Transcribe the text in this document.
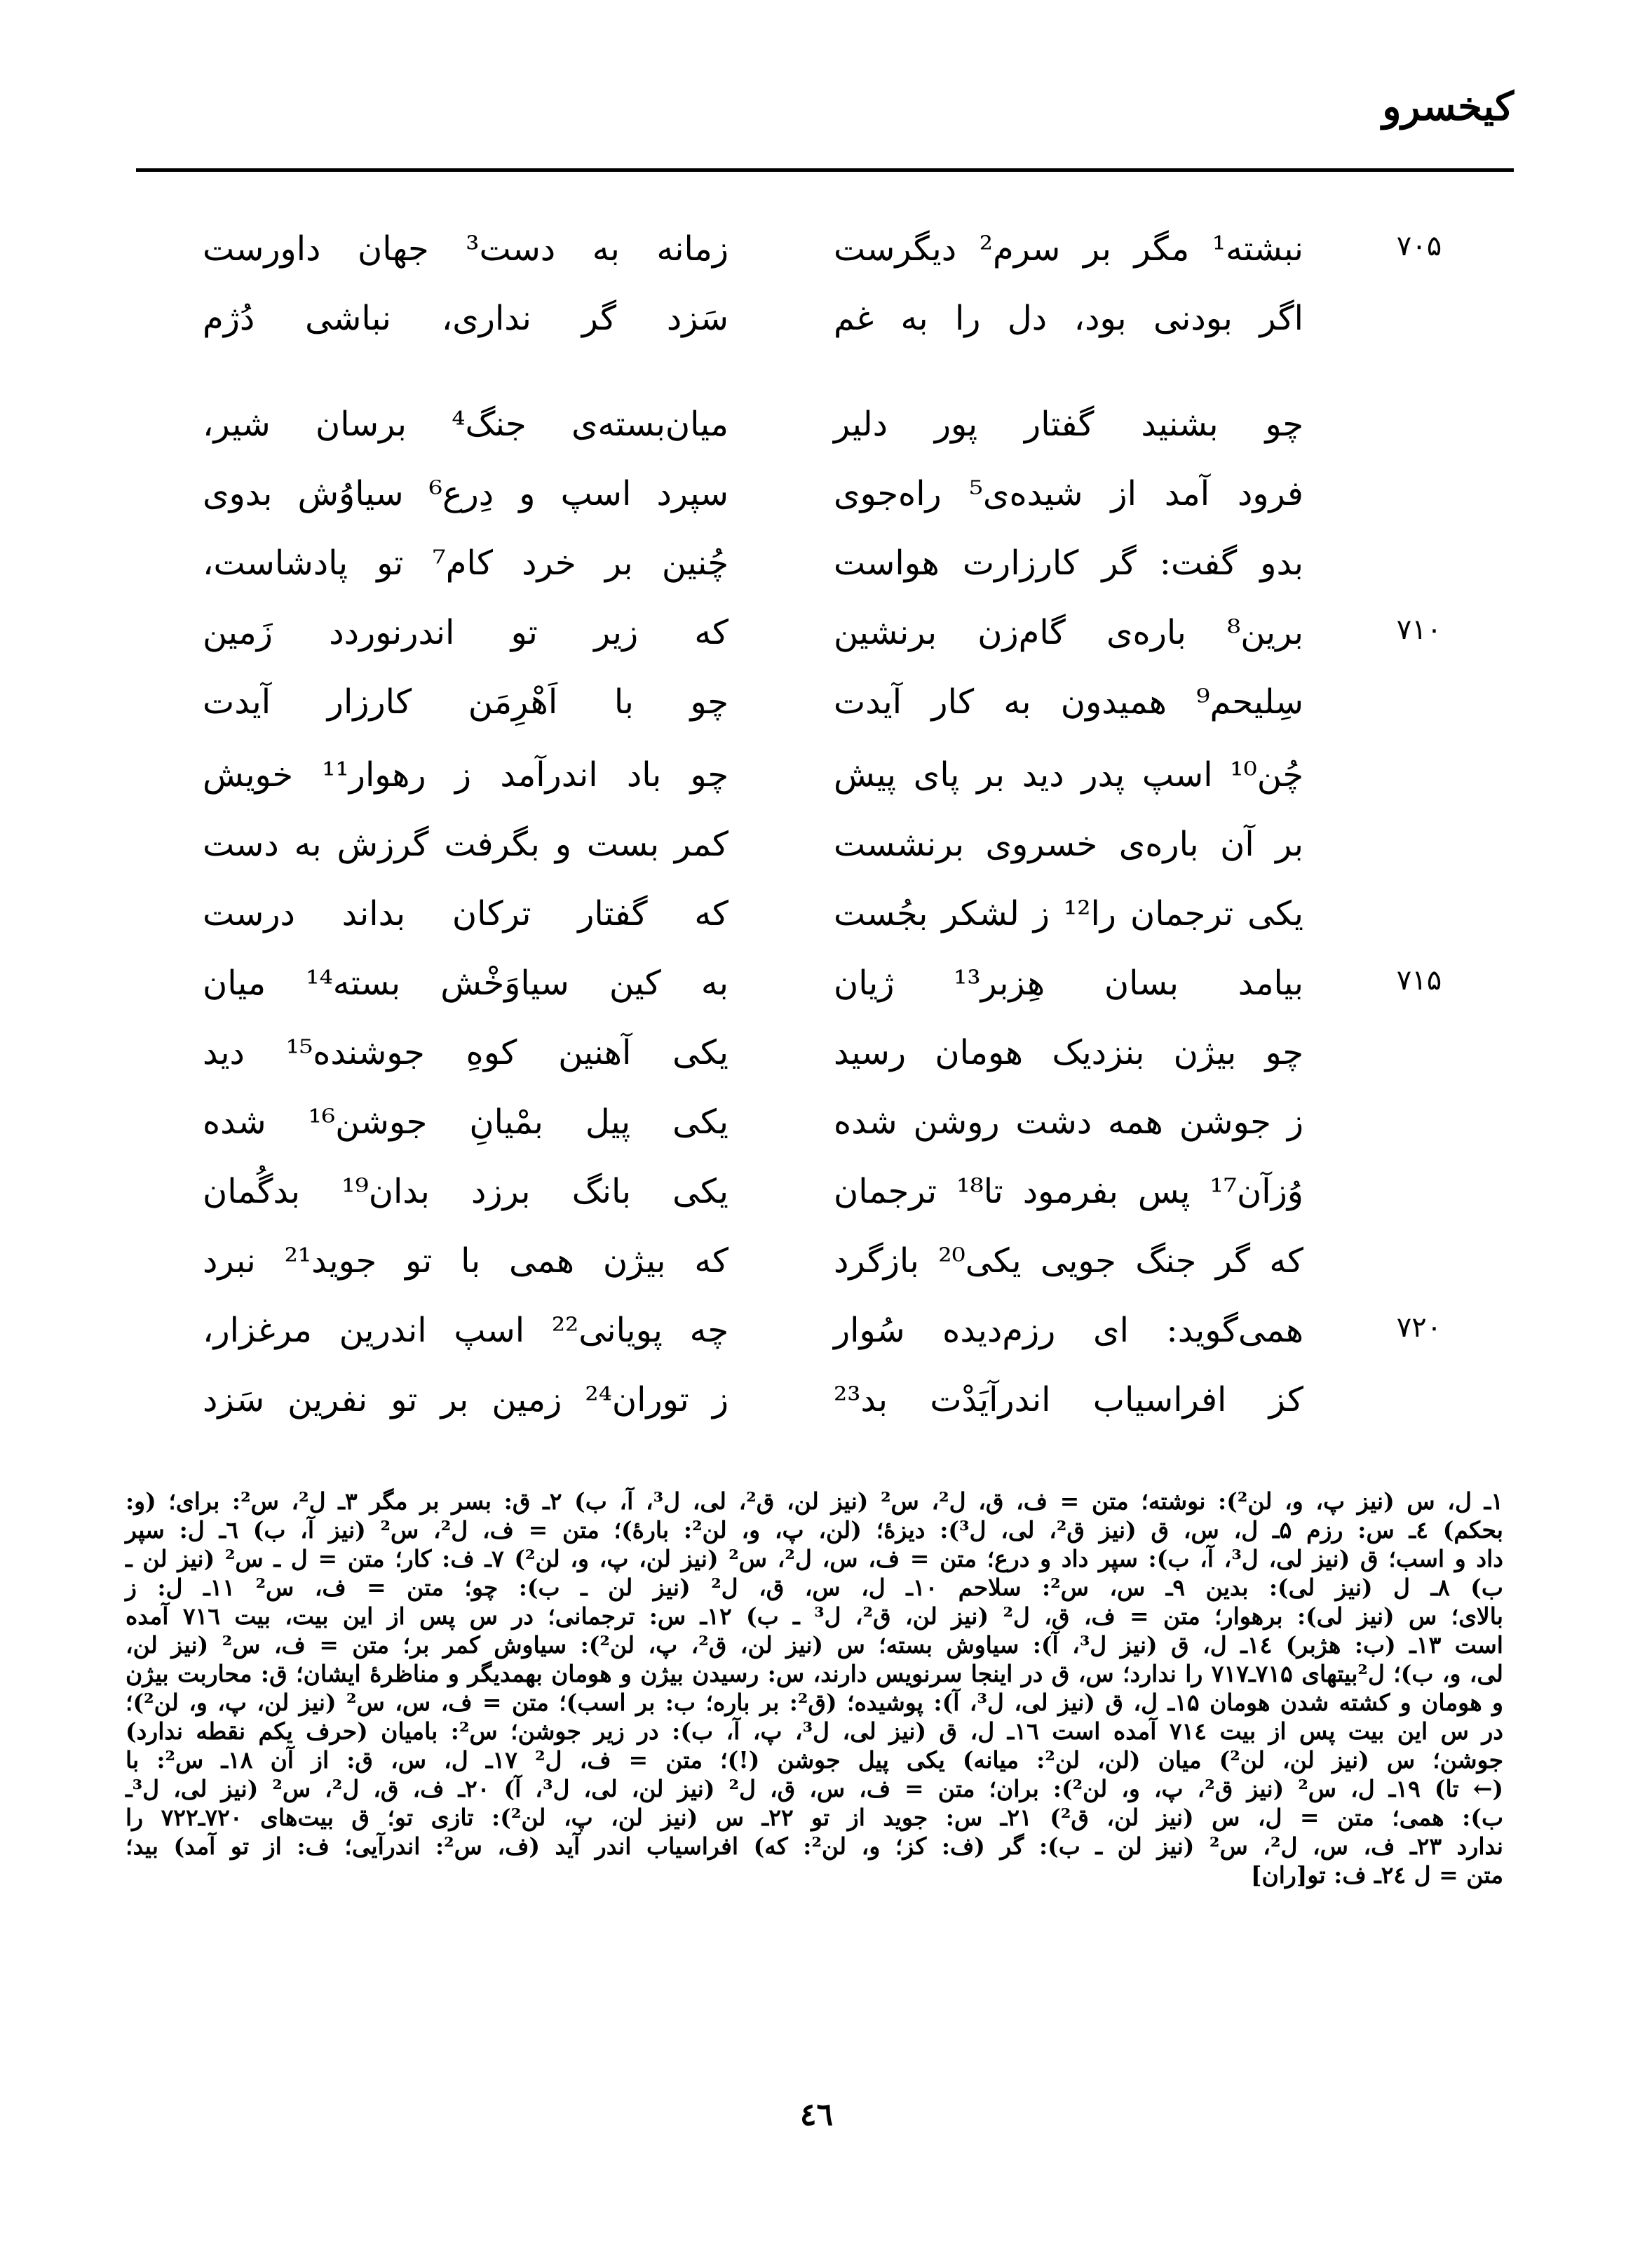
کیخسرو
۷۰۵
نبشته¹ مگر بر سرم² دیگرست
زمانه به دست³ جهان داورست
اگر بودنی بود، دل را به غم
سَزد گر نداری، نباشی دُژم
چو بشنید گفتار پور دلیر
میان‌بسته‌ی جنگ⁴ برسان شیر،
فرود آمد از شیده‌ی⁵ راه‌جوی
سپرد اسپ و دِرع⁶ سیاوُش بدوی
بدو گفت: گر کارزارت هواست
چُنین بر خرد کام⁷ تو پادشاست،
۷۱۰
برین⁸ باره‌ی گام‌زن برنشین
که زیر تو اندرنوردد زَمین
سِلیحم⁹ همیدون به کار آیدت
چو با اَهْرِمَن کارزار آیدت
چُن¹⁰ اسپ پدر دید بر پای پیش
چو باد اندرآمد ز رهوار¹¹ خویش
بر آن باره‌ی خسروی برنشست
کمر بست و بگرفت گرزش به دست
یکی ترجمان را¹² ز لشکر بجُست
که گفتار ترکان بداند درست
۷۱۵
بیامد بسان هِزبر¹³ ژیان
به کین سیاوَخْش بسته¹⁴ میان
چو بیژن بنزدیک هومان رسید
یکی آهنین کوهِ جوشنده¹⁵ دید
ز جوشن همه دشت روشن شده
یکی پیل بمْیانِ جوشن¹⁶ شده
وُزآن¹⁷ پس بفرمود تا¹⁸ ترجمان
یکی بانگ برزد بدان¹⁹ بدگُمان
که گر جنگ جویی یکی²⁰ بازگرد
که بیژن همی با تو جوید²¹ نبرد
۷۲۰
همی‌گوید: ای رزم‌دیده سُوار
چه پویانی²² اسپ اندرین مرغزار،
کز افراسیاب اندرآیَدْت بد²³
ز توران²⁴ زمین بر تو نفرین سَزد
۱ـ ل، س (نیز پ، و، لن²): نوشته؛ متن = ف، ق، ل²، س² (نیز لن، ق²، لی، ل³، آ، ب) ۲ـ ق: بسر بر مگر ۳ـ ل²، س²: برای؛ (و:
بحکم) ٤ـ س: رزم ۵ـ ل، س، ق (نیز ق²، لی، ل³): دیزهٔ؛ (لن، پ، و، لن²: بارهٔ)؛ متن = ف، ل²، س² (نیز آ، ب) ٦ـ ل: سپر
داد و اسب؛ ق (نیز لی، ل³، آ، ب): سپر داد و درع؛ متن = ف، س، ل²، س² (نیز لن، پ، و، لن²) ۷ـ ف: کار؛ متن = ل ـ س² (نیز لن ـ
ب) ۸ـ ل (نیز لی): بدین ۹ـ س، س²: سلاحم ۱۰ـ ل، س، ق، ل² (نیز لن ـ ب): چو؛ متن = ف، س² ۱۱ـ ل: ز
بالای؛ س (نیز لی): برهوار؛ متن = ف، ق، ل² (نیز لن، ق²، ل³ ـ ب) ۱۲ـ س: ترجمانی؛ در س پس از این بیت، بیت ۷۱٦ آمده
است ۱۳ـ (ب: هژبر) ۱٤ـ ل، ق (نیز ل³، آ): سیاوش بسته؛ س (نیز لن، ق²، پ، لن²): سیاوش کمر بر؛ متن = ف، س² (نیز لن،
لی، و، ب)؛ ل²بیتهای ۷۱۵ـ۷۱۷ را ندارد؛ س، ق در اینجا سرنویس دارند، س: رسیدن بیژن و هومان بهمدیگر و مناظرهٔ ایشان؛ ق: محاربت بیژن
و هومان و کشته شدن هومان ۱۵ـ ل، ق (نیز لی، ل³، آ): پوشیده؛ (ق²: بر باره؛ ب: بر اسب)؛ متن = ف، س، س² (نیز لن، پ، و، لن²)؛
در س این بیت پس از بیت ۷۱٤ آمده است ۱٦ـ ل، ق (نیز لی، ل³، پ، آ، ب): در زیر جوشن؛ س²: بامیان (حرف یکم نقطه ندارد)
جوشن؛ س (نیز لن، لن²) میان (لن، لن²: میانه) یکی پیل جوشن (!)؛ متن = ف، ل² ۱۷ـ ل، س، ق: از آن ۱۸ـ س²: با
(← تا) ۱۹ـ ل، س² (نیز ق²، پ، و، لن²): بران؛ متن = ف، س، ق، ل² (نیز لن، لی، ل³، آ) ۲۰ـ ف، ق، ل²، س² (نیز لی، ل³ـ
ب): همی؛ متن = ل، س (نیز لن، ق²) ۲۱ـ س: جوید از تو ۲۲ـ س (نیز لن، پ، لن²): تازی تو؛ ق بیت‌های ۷۲۰ـ۷۲۲ را
ندارد ۲۳ـ ف، س، ل²، س² (نیز لن ـ ب): گر (ف: کز؛ و، لن²: که) افراسیاب اندر آید (ف، س²: اندرآیی؛ ف: از تو آمد) بید؛
متن = ل ۲٤ـ ف: تو[ران]
٤٦
